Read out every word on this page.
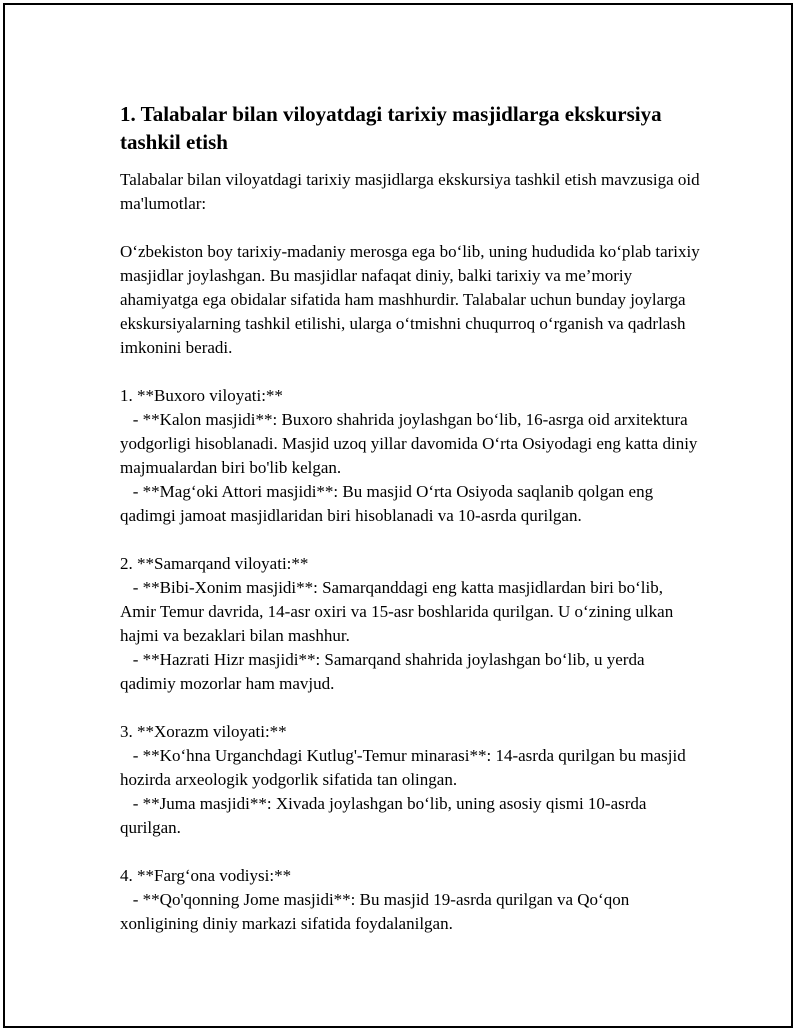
1. Talabalar bilan viloyatdagi tarixiy masjidlarga ekskursiya tashkil etish

Talabalar bilan viloyatdagi tarixiy masjidlarga ekskursiya tashkil etish mavzusiga oid ma'lumotlar:

O‘zbekiston boy tarixiy-madaniy merosga ega bo‘lib, uning hududida ko‘plab tarixiy masjidlar joylashgan. Bu masjidlar nafaqat diniy, balki tarixiy va me’moriy ahamiyatga ega obidalar sifatida ham mashhurdir. Talabalar uchun bunday joylarga ekskursiyalarning tashkil etilishi, ularga o‘tmishni chuqurroq o‘rganish va qadrlash imkonini beradi.

1. **Buxoro viloyati:**

- **Kalon masjidi**: Buxoro shahrida joylashgan bo‘lib, 16-asrga oid arxitektura yodgorligi hisoblanadi. Masjid uzoq yillar davomida O‘rta Osiyodagi eng katta diniy majmualardan biri bo'lib kelgan.

- **Mag‘oki Attori masjidi**: Bu masjid O‘rta Osiyoda saqlanib qolgan eng qadimgi jamoat masjidlaridan biri hisoblanadi va 10-asrda qurilgan.

2. **Samarqand viloyati:**

- **Bibi-Xonim masjidi**: Samarqanddagi eng katta masjidlardan biri bo‘lib, Amir Temur davrida, 14-asr oxiri va 15-asr boshlarida qurilgan. U o‘zining ulkan hajmi va bezaklari bilan mashhur.

- **Hazrati Hizr masjidi**: Samarqand shahrida joylashgan bo‘lib, u yerda qadimiy mozorlar ham mavjud.

3. **Xorazm viloyati:**

- **Ko‘hna Urganchdagi Kutlug'-Temur minarasi**: 14-asrda qurilgan bu masjid hozirda arxeologik yodgorlik sifatida tan olingan.

- **Juma masjidi**: Xivada joylashgan bo‘lib, uning asosiy qismi 10-asrda qurilgan.

4. **Farg‘ona vodiysi:**

- **Qo'qonning Jome masjidi**: Bu masjid 19-asrda qurilgan va Qo‘qon xonligining diniy markazi sifatida foydalanilgan.
